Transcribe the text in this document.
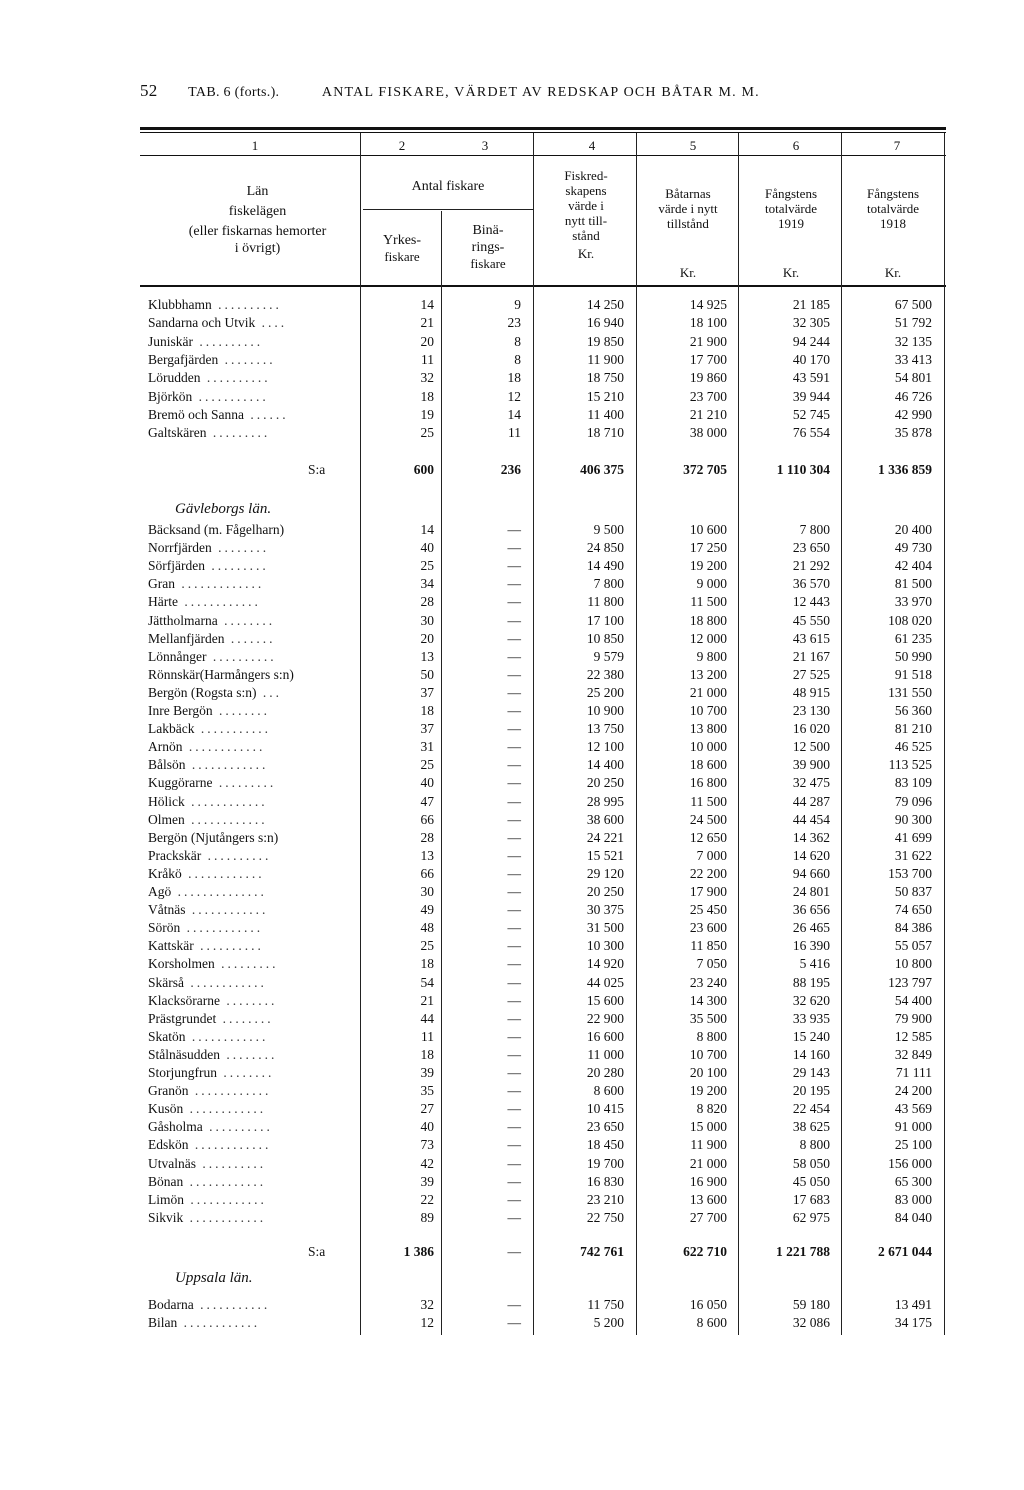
52 TAB. 6 (forts.).	ANTAL FISKARE, VÄRDET AV REDSKAP OCH BÅTAR M. M.
1	2	3	4	5	6	7
Län
fiskelägen
(eller fiskarnas hemorter
i övrigt)
Antal fiskare
Yrkes-
fiskare
Binä-
rings-
fiskare
Fiskred-
skapens
värde i
nytt till-
stånd
Kr.
Båtarnas
värde i nytt
tillstånd
Kr.
Fångstens
totalvärde
1919
Kr.
Fångstens
totalvärde
1918
Kr.
Klubbhamn ..........	14	9	14 250	14 925	21 185	67 500
Sandarna och Utvik ....	21	23	16 940	18 100	32 305	51 792
Juniskär ..........	20	8	19 850	21 900	94 244	32 135
Bergafjärden ........	11	8	11 900	17 700	40 170	33 413
Lörudden ..........	32	18	18 750	19 860	43 591	54 801
Björkön ...........	18	12	15 210	23 700	39 944	46 726
Bremö och Sanna ......	19	14	11 400	21 210	52 745	42 990
Galtskären .........	25	11	18 710	38 000	76 554	35 878
S:a	600	236	406 375	372 705	1 110 304	1 336 859
Gävleborgs län.
Bäcksand (m. Fågelharn)	14	—	9 500	10 600	7 800	20 400
Norrfjärden ........	40	—	24 850	17 250	23 650	49 730
Sörfjärden .........	25	—	14 490	19 200	21 292	42 404
Gran .............	34	—	7 800	9 000	36 570	81 500
Härte ............	28	—	11 800	11 500	12 443	33 970
Jättholmarna ........	30	—	17 100	18 800	45 550	108 020
Mellanfjärden .......	20	—	10 850	12 000	43 615	61 235
Lönnånger ..........	13	—	9 579	9 800	21 167	50 990
Rönnskär(Harmångers s:n)	50	—	22 380	13 200	27 525	91 518
Bergön (Rogsta s:n) ...	37	—	25 200	21 000	48 915	131 550
Inre Bergön ........	18	—	10 900	10 700	23 130	56 360
Lakbäck ...........	37	—	13 750	13 800	16 020	81 210
Arnön ............	31	—	12 100	10 000	12 500	46 525
Bålsön ............	25	—	14 400	18 600	39 900	113 525
Kuggörarne .........	40	—	20 250	16 800	32 475	83 109
Hölick ............	47	—	28 995	11 500	44 287	79 096
Olmen ............	66	—	38 600	24 500	44 454	90 300
Bergön (Njutångers s:n)	28	—	24 221	12 650	14 362	41 699
Prackskär ..........	13	—	15 521	7 000	14 620	31 622
Kråkö ............	66	—	29 120	22 200	94 660	153 700
Agö ..............	30	—	20 250	17 900	24 801	50 837
Våtnäs ............	49	—	30 375	25 450	36 656	74 650
Sörön ............	48	—	31 500	23 600	26 465	84 386
Kattskär ..........	25	—	10 300	11 850	16 390	55 057
Korsholmen .........	18	—	14 920	7 050	5 416	10 800
Skärså ............	54	—	44 025	23 240	88 195	123 797
Klacksörarne ........	21	—	15 600	14 300	32 620	54 400
Prästgrundet ........	44	—	22 900	35 500	33 935	79 900
Skatön ............	11	—	16 600	8 800	15 240	12 585
Stålnäsudden ........	18	—	11 000	10 700	14 160	32 849
Storjungfrun ........	39	—	20 280	20 100	29 143	71 111
Granön ............	35	—	8 600	19 200	20 195	24 200
Kusön ............	27	—	10 415	8 820	22 454	43 569
Gåsholma ..........	40	—	23 650	15 000	38 625	91 000
Edskön ............	73	—	18 450	11 900	8 800	25 100
Utvalnäs ..........	42	—	19 700	21 000	58 050	156 000
Bönan ............	39	—	16 830	16 900	45 050	65 300
Limön ............	22	—	23 210	13 600	17 683	83 000
Sikvik ............	89	—	22 750	27 700	62 975	84 040
S:a	1 386	—	742 761	622 710	1 221 788	2 671 044
Uppsala län.
Bodarna ...........	32	—	11 750	16 050	59 180	13 491
Bilan ............	12	—	5 200	8 600	32 086	34 175
